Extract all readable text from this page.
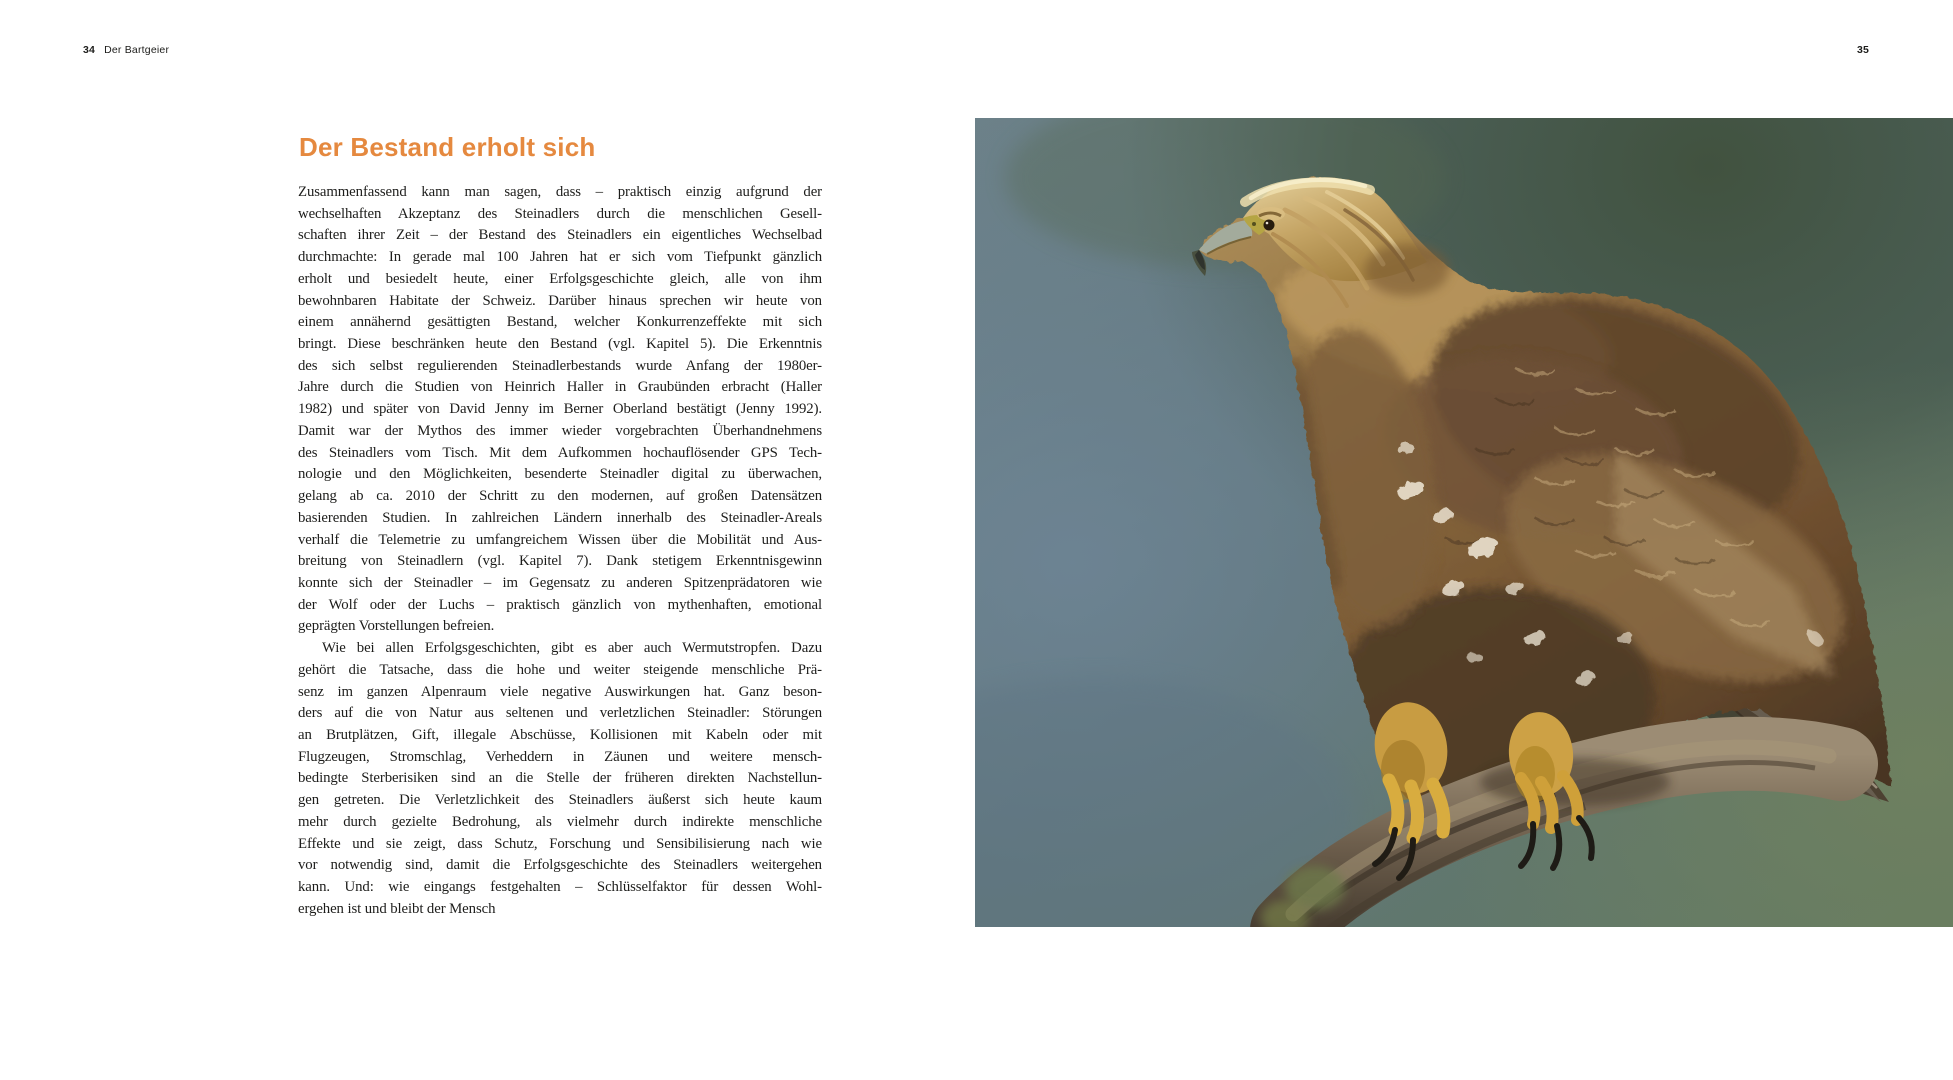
34 Der Bartgeier	35
Der Bestand erholt sich
Zusammenfassend kann man sagen, dass – praktisch einzig aufgrund der
wechselhaften Akzeptanz des Steinadlers durch die menschlichen Gesell-
schaften ihrer Zeit – der Bestand des Steinadlers ein eigentliches Wechselbad
durchmachte: In gerade mal 100 Jahren hat er sich vom Tiefpunkt gänzlich
erholt und besiedelt heute, einer Erfolgsgeschichte gleich, alle von ihm
bewohnbaren Habitate der Schweiz. Darüber hinaus sprechen wir heute von
einem annähernd gesättigten Bestand, welcher Konkurrenzeffekte mit sich
bringt. Diese beschränken heute den Bestand (vgl. Kapitel 5). Die Erkenntnis
des sich selbst regulierenden Steinadlerbestands wurde Anfang der 1980er-
Jahre durch die Studien von Heinrich Haller in Graubünden erbracht (Haller
1982) und später von David Jenny im Berner Oberland bestätigt (Jenny 1992).
Damit war der Mythos des immer wieder vorgebrachten Überhandnehmens
des Steinadlers vom Tisch. Mit dem Aufkommen hochauflösender GPS Tech-
nologie und den Möglichkeiten, besenderte Steinadler digital zu überwachen,
gelang ab ca. 2010 der Schritt zu den modernen, auf großen Datensätzen
basierenden Studien. In zahlreichen Ländern innerhalb des Steinadler-Areals
verhalf die Telemetrie zu umfangreichem Wissen über die Mobilität und Aus-
breitung von Steinadlern (vgl. Kapitel 7). Dank stetigem Erkenntnisgewinn
konnte sich der Steinadler – im Gegensatz zu anderen Spitzenprädatoren wie
der Wolf oder der Luchs – praktisch gänzlich von mythenhaften, emotional
geprägten Vorstellungen befreien.
Wie bei allen Erfolgsgeschichten, gibt es aber auch Wermutstropfen. Dazu
gehört die Tatsache, dass die hohe und weiter steigende menschliche Prä-
senz im ganzen Alpenraum viele negative Auswirkungen hat. Ganz beson-
ders auf die von Natur aus seltenen und verletzlichen Steinadler: Störungen
an Brutplätzen, Gift, illegale Abschüsse, Kollisionen mit Kabeln oder mit
Flugzeugen, Stromschlag, Verheddern in Zäunen und weitere mensch-
bedingte Sterberisiken sind an die Stelle der früheren direkten Nachstellun-
gen getreten. Die Verletzlichkeit des Steinadlers äußerst sich heute kaum
mehr durch gezielte Bedrohung, als vielmehr durch indirekte menschliche
Effekte und sie zeigt, dass Schutz, Forschung und Sensibilisierung nach wie
vor notwendig sind, damit die Erfolgsgeschichte des Steinadlers weitergehen
kann. Und: wie eingangs festgehalten – Schlüsselfaktor für dessen Wohl-
ergehen ist und bleibt der Mensch
